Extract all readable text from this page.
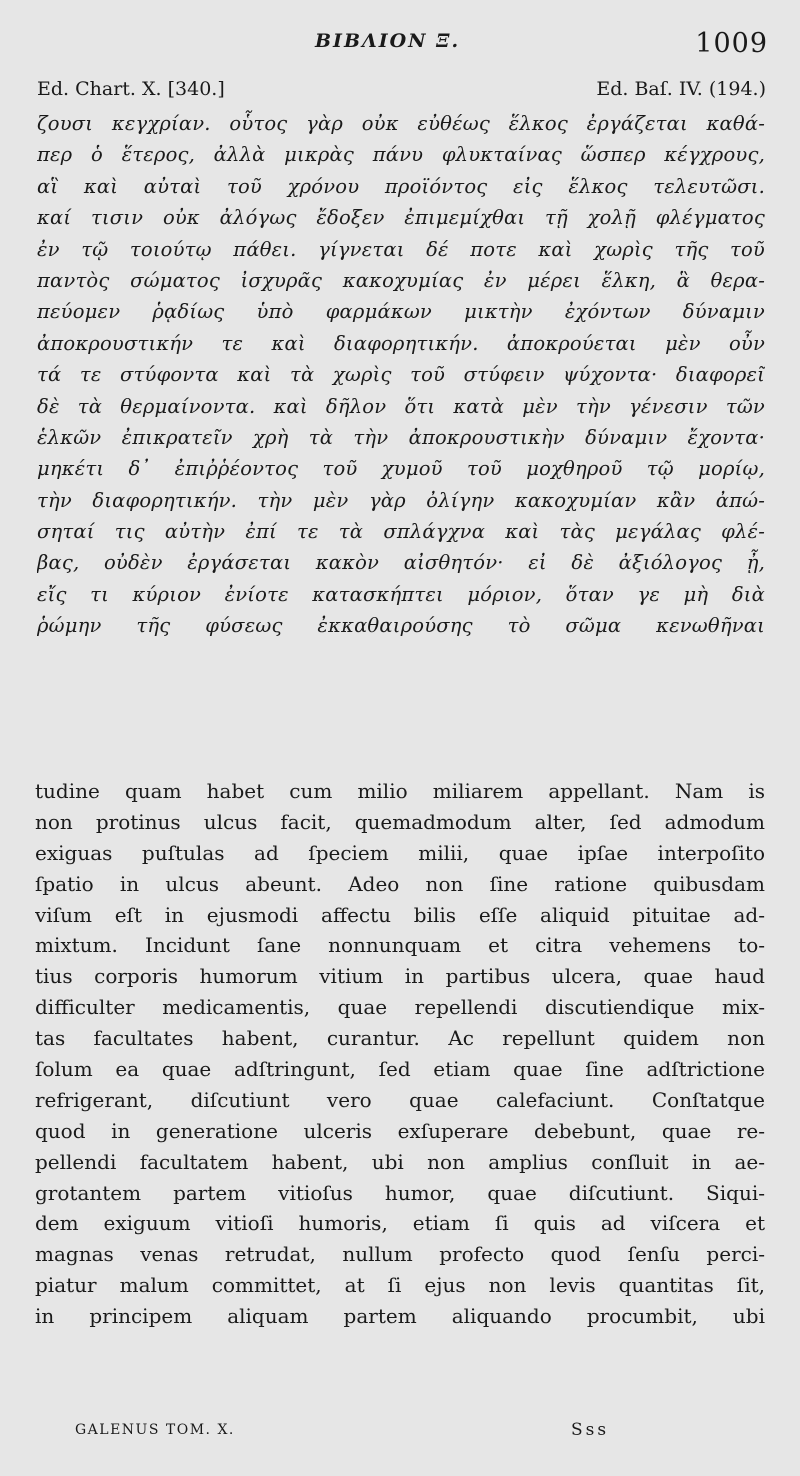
ΒΙΒΛΙΟΝ Ξ.	1009
Ed. Chart. X. [340.]	Ed. Baſ. IV. (194.)
ζουσι κεγχρίαν. οὗτος γὰρ οὐκ εὐθέως ἕλκος ἐργάζεται καθά-
περ ὁ ἕτερος, ἀλλὰ μικρὰς πάνυ φλυκταίνας ὥσπερ κέγχρους,
αἳ καὶ αὐταὶ τοῦ χρόνου προϊόντος εἰς ἕλκος τελευτῶσι.
καί τισιν οὐκ ἀλόγως ἔδοξεν ἐπιμεμίχθαι τῇ χολῇ φλέγματος
ἐν τῷ τοιούτῳ πάθει. γίγνεται δέ ποτε καὶ χωρὶς τῆς τοῦ
παντὸς σώματος ἰσχυρᾶς κακοχυμίας ἐν μέρει ἕλκη, ἃ θερα-
πεύομεν ῥᾳδίως ὑπὸ φαρμάκων μικτὴν ἐχόντων δύναμιν
ἀποκρουστικήν τε καὶ διαφορητικήν. ἀποκρούεται μὲν οὖν
τά τε στύφοντα καὶ τὰ χωρὶς τοῦ στύφειν ψύχοντα· διαφορεῖ
δὲ τὰ θερμαίνοντα. καὶ δῆλον ὅτι κατὰ μὲν τὴν γένεσιν τῶν
ἑλκῶν ἐπικρατεῖν χρὴ τὰ τὴν ἀποκρουστικὴν δύναμιν ἔχοντα·
μηκέτι δ᾽ ἐπιῤῥέοντος τοῦ χυμοῦ τοῦ μοχθηροῦ τῷ μορίῳ,
τὴν διαφορητικήν. τὴν μὲν γὰρ ὀλίγην κακοχυμίαν κἂν ἀπώ-
σηταί τις αὐτὴν ἐπί τε τὰ σπλάγχνα καὶ τὰς μεγάλας φλέ-
βας, οὐδὲν ἐργάσεται κακὸν αἰσθητόν· εἰ δὲ ἀξιόλογος ᾖ,
εἴς τι κύριον ἐνίοτε κατασκήπτει μόριον, ὅταν γε μὴ διὰ
ῥώμην τῆς φύσεως ἐκκαθαιρούσης τὸ σῶμα κενωθῆναι
tudine quam habet cum milio miliarem appellant. Nam is
non protinus ulcus facit, quemadmodum alter, ſed admodum
exiguas puſtulas ad ſpeciem milii, quae ipſae interpoſito
ſpatio in ulcus abeunt. Adeo non ſine ratione quibusdam
viſum eſt in ejusmodi affectu bilis eſſe aliquid pituitae ad-
mixtum. Incidunt ſane nonnunquam et citra vehemens to-
tius corporis humorum vitium in partibus ulcera, quae haud
difficulter medicamentis, quae repellendi discutiendique mix-
tas facultates habent, curantur. Ac repellunt quidem non
ſolum ea quae adſtringunt, ſed etiam quae ſine adſtrictione
refrigerant, diſcutiunt vero quae calefaciunt. Conſtatque
quod in generatione ulceris exſuperare debebunt, quae re-
pellendi facultatem habent, ubi non amplius conſluit in ae-
grotantem partem vitioſus humor, quae diſcutiunt. Siqui-
dem exiguum vitioſi humoris, etiam ſi quis ad viſcera et
magnas venas retrudat, nullum profecto quod ſenſu perci-
piatur malum committet, at ſi ejus non levis quantitas ſit,
in principem aliquam partem aliquando procumbit, ubi
GALENUS TOM. X.	Sss
